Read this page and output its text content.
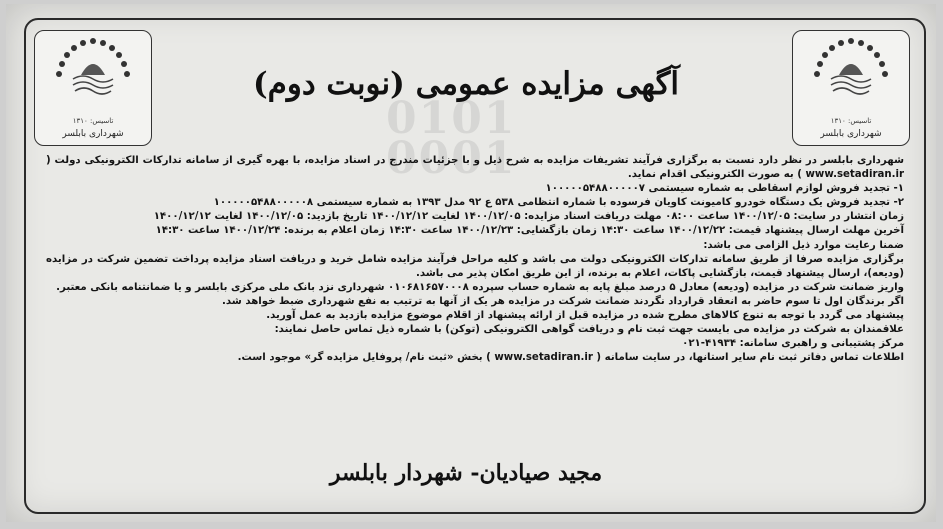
0101
0001
تاسیس: ۱۳۱۰
شهرداری بابلسر
تاسیس: ۱۳۱۰
شهرداری بابلسر
آگهی مزایده عمومی (نوبت دوم)

شهرداری بابلسر در نظر دارد نسبت به برگزاری فرآیند تشریفات مزایده به شرح ذیل و با جزئیات مندرج در اسناد مزایده، با بهره گیری از سامانه تدارکات الکترونیکی دولت ( www.setadiran.ir ) به صورت الکترونیکی اقدام نماید.

۱- تجدید فروش لوازم اسقاطی به شماره سیستمی ۱۰۰۰۰۰۵۴۸۸۰۰۰۰۰۷

۲- تجدید فروش یک دستگاه خودرو کامیونت کاویان فرسوده با شماره انتظامی ۵۳۸ ع ۹۲ مدل ۱۳۹۳ به شماره سیستمی ۱۰۰۰۰۰۵۴۸۸۰۰۰۰۰۸

زمان انتشار در سایت: ۱۴۰۰/۱۲/۰۵ ساعت ۰۸:۰۰ مهلت دریافت اسناد مزایده: ۱۴۰۰/۱۲/۰۵ لغایت ۱۴۰۰/۱۲/۱۲ تاریخ بازدید: ۱۴۰۰/۱۲/۰۵ لغایت ۱۴۰۰/۱۲/۱۲

آخرین مهلت ارسال پیشنهاد قیمت: ۱۴۰۰/۱۲/۲۲ ساعت ۱۴:۳۰ زمان بازگشایی: ۱۴۰۰/۱۲/۲۳ ساعت ۱۴:۳۰ زمان اعلام به برنده: ۱۴۰۰/۱۲/۲۴ ساعت ۱۴:۳۰

ضمنا رعایت موارد ذیل الزامی می باشد:

برگزاری مزایده صرفا از طریق سامانه تدارکات الکترونیکی دولت می باشد و کلیه مراحل فرآیند مزایده شامل خرید و دریافت اسناد مزایده پرداخت تضمین شرکت در مزایده (ودیعه)، ارسال پیشنهاد قیمت، بازگشایی پاکات، اعلام به برنده، از این طریق امکان پذیر می باشد.

واریز ضمانت شرکت در مزایده (ودیعه) معادل ۵ درصد مبلغ پایه به شماره حساب سپرده ۰۱۰۶۸۱۶۵۷۰۰۰۸ شهرداری نزد بانک ملی مرکزی بابلسر و یا ضمانتنامه بانکی معتبر.

اگر برندگان اول تا سوم حاضر به انعقاد قرارداد نگردند ضمانت شرکت در مزایده هر یک از آنها به ترتیب به نفع شهرداری ضبط خواهد شد.

پیشنهاد می گردد با توجه به تنوع کالاهای مطرح شده در مزایده قبل از ارائه پیشنهاد از اقلام موضوع مزایده بازدید به عمل آورید.

علاقمندان به شرکت در مزایده می بایست جهت ثبت نام و دریافت گواهی الکترونیکی (توکن) با شماره ذیل تماس حاصل نمایند:

مرکز پشتیبانی و راهبری سامانه: ۴۱۹۳۴-۰۲۱

اطلاعات تماس دفاتر ثبت نام سایر استانها، در سایت سامانه ( www.setadiran.ir ) بخش «ثبت نام/ پروفایل مزایده گر» موجود است.

مجید صیادیان- شهردار بابلسر
